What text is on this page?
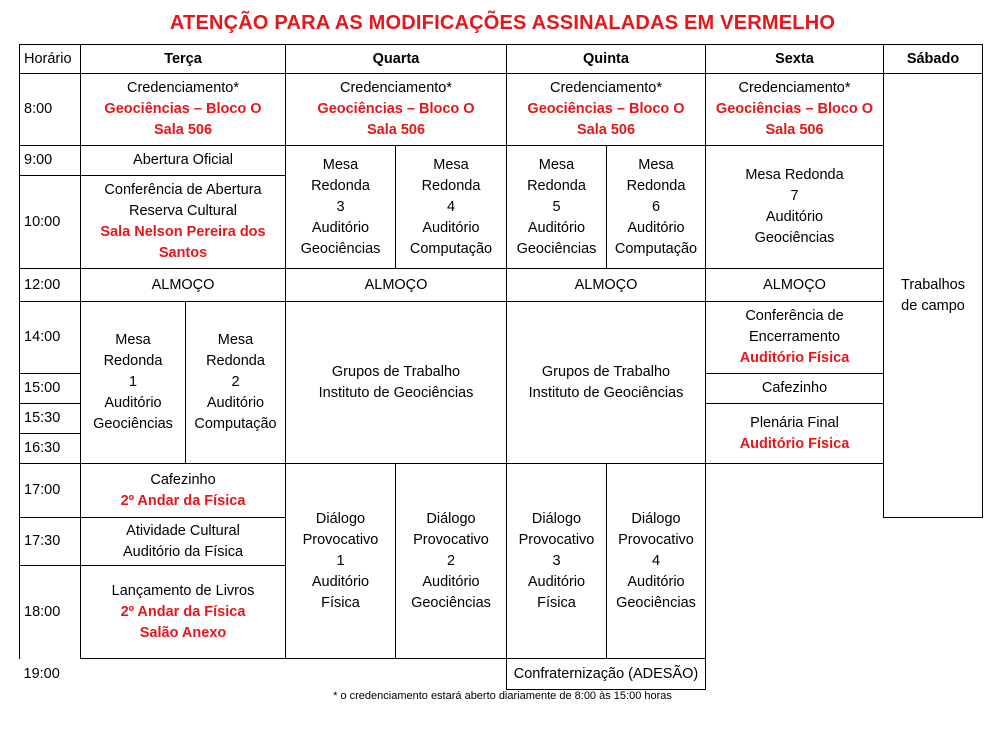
ATENÇÃO PARA AS MODIFICAÇÕES ASSINALADAS EM VERMELHO
Horário	Terça		Quarta		Quinta		Sexta	Sábado	
8:00	Credenciamento*
Geociências – Bloco O
Sala 506		Credenciamento*
Geociências – Bloco O
Sala 506		Credenciamento*
Geociências – Bloco O
Sala 506		Credenciamento*
Geociências – Bloco O
Sala 506	Trabalhos
de campo	

9:00	Abertura Oficial		Mesa
Redonda
3
Auditório
Geociências	Mesa
Redonda
4
Auditório
Computação	Mesa
Redonda
5
Auditório
Geociências	Mesa
Redonda
6
Auditório
Computação	Mesa Redonda
7
Auditório
Geociências		

10:00	Conferência de Abertura
Reserva Cultural
Sala Nelson Pereira dos Santos								

12:00	ALMOÇO		ALMOÇO		ALMOÇO		ALMOÇO		
14:00	Mesa
Redonda
1
Auditório
Geociências	Mesa
Redonda
2
Auditório
Computação	Grupos de Trabalho
Instituto de Geociências		Grupos de Trabalho
Instituto de Geociências		Conferência de
Encerramento
Auditório Física		

15:00							Cafezinho		
15:30							Plenária Final
Auditório Física		

16:30									
17:00	Cafezinho
2º Andar da Física		Diálogo
Provocativo
1
Auditório
Física	Diálogo
Provocativo
2
Auditório
Geociências	Diálogo
Provocativo
3
Auditório
Física	Diálogo
Provocativo
4
Auditório
Geociências			

17:30	Atividade Cultural
Auditório da Física								

18:00	Lançamento de Livros
2º Andar da Física
Salão Anexo								

19:00					Confraternização (ADESÃO)				
* o credenciamento estará aberto diariamente de 8:00 às 15:00 horas
